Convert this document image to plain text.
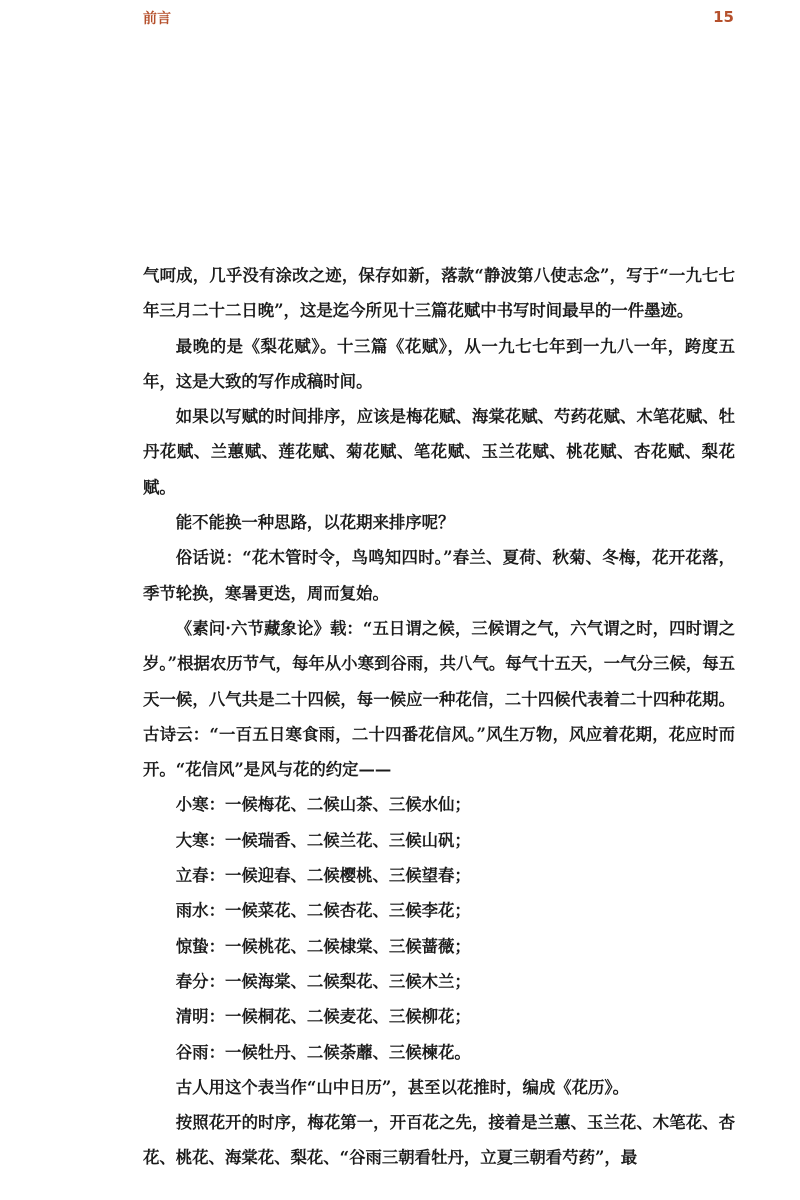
前言	15

气呵成，几乎没有涂改之迹，保存如新，落款“静波第八使志念”，写于“一九七七年三月二十二日晚”，这是迄今所见十三篇花赋中书写时间最早的一件墨迹。

最晚的是《梨花赋》。十三篇《花赋》，从一九七七年到一九八一年，跨度五年，这是大致的写作成稿时间。

如果以写赋的时间排序，应该是梅花赋、海棠花赋、芍药花赋、木笔花赋、牡丹花赋、兰蕙赋、莲花赋、菊花赋、笔花赋、玉兰花赋、桃花赋、杏花赋、梨花赋。

能不能换一种思路，以花期来排序呢？

俗话说：“花木管时令，鸟鸣知四时。”春兰、夏荷、秋菊、冬梅，花开花落，季节轮换，寒暑更迭，周而复始。

《素问·六节藏象论》载：“五日谓之候，三候谓之气，六气谓之时，四时谓之岁。”根据农历节气，每年从小寒到谷雨，共八气。每气十五天，一气分三候，每五天一候，八气共是二十四候，每一候应一种花信，二十四候代表着二十四种花期。古诗云：“一百五日寒食雨，二十四番花信风。”风生万物，风应着花期，花应时而开。“花信风”是风与花的约定——

小寒：一候梅花、二候山茶、三候水仙；

大寒：一候瑞香、二候兰花、三候山矾；

立春：一候迎春、二候樱桃、三候望春；

雨水：一候菜花、二候杏花、三候李花；

惊蛰：一候桃花、二候棣棠、三候蔷薇；

春分：一候海棠、二候梨花、三候木兰；

清明：一候桐花、二候麦花、三候柳花；

谷雨：一候牡丹、二候荼蘼、三候楝花。

古人用这个表当作“山中日历”，甚至以花推时，编成《花历》。

按照花开的时序，梅花第一，开百花之先，接着是兰蕙、玉兰花、木笔花、杏花、桃花、海棠花、梨花、“谷雨三朝看牡丹，立夏三朝看芍药”，最
